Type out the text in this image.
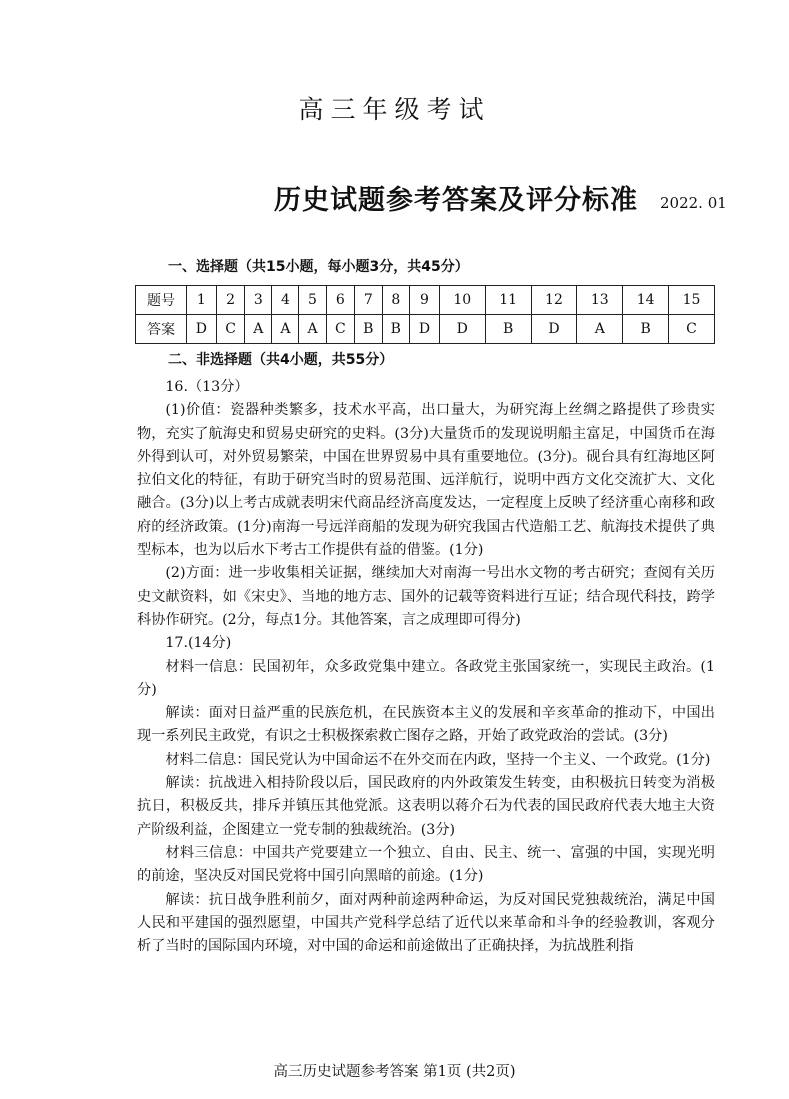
高三年级考试
历史试题参考答案及评分标准 2022. 01
一、选择题（共15小题，每小题3分，共45分）
题号	1	2	3	4	5	6	7	8	9	10	11	12	13	14	15
答案	D	C	A	A	A	C	B	B	D	D	B	D	A	B	C
二、非选择题（共4小题，共55分）

16.（13分）

(1)价值：瓷器种类繁多，技术水平高，出口量大，为研究海上丝绸之路提供了珍贵实物，充实了航海史和贸易史研究的史料。(3分)大量货币的发现说明船主富足，中国货币在海外得到认可，对外贸易繁荣，中国在世界贸易中具有重要地位。(3分)。砚台具有红海地区阿拉伯文化的特征，有助于研究当时的贸易范围、远洋航行，说明中西方文化交流扩大、文化融合。(3分)以上考古成就表明宋代商品经济高度发达，一定程度上反映了经济重心南移和政府的经济政策。(1分)南海一号远洋商船的发现为研究我国古代造船工艺、航海技术提供了典型标本，也为以后水下考古工作提供有益的借鉴。(1分)

(2)方面：进一步收集相关证据，继续加大对南海一号出水文物的考古研究；查阅有关历史文献资料，如《宋史》、当地的地方志、国外的记载等资料进行互证；结合现代科技，跨学科协作研究。(2分，每点1分。其他答案，言之成理即可得分)

17.(14分)

材料一信息：民国初年，众多政党集中建立。各政党主张国家统一，实现民主政治。(1分)

解读：面对日益严重的民族危机，在民族资本主义的发展和辛亥革命的推动下，中国出现一系列民主政党，有识之士积极探索救亡图存之路，开始了政党政治的尝试。(3分)

材料二信息：国民党认为中国命运不在外交而在内政，坚持一个主义、一个政党。(1分)

解读：抗战进入相持阶段以后，国民政府的内外政策发生转变，由积极抗日转变为消极抗日，积极反共，排斥并镇压其他党派。这表明以蒋介石为代表的国民政府代表大地主大资产阶级利益，企图建立一党专制的独裁统治。(3分)

材料三信息：中国共产党要建立一个独立、自由、民主、统一、富强的中国，实现光明的前途，坚决反对国民党将中国引向黑暗的前途。(1分)

解读：抗日战争胜利前夕，面对两种前途两种命运，为反对国民党独裁统治，满足中国人民和平建国的强烈愿望，中国共产党科学总结了近代以来革命和斗争的经验教训，客观分析了当时的国际国内环境，对中国的命运和前途做出了正确抉择，为抗战胜利指

高三历史试题参考答案 第1页 (共2页)
